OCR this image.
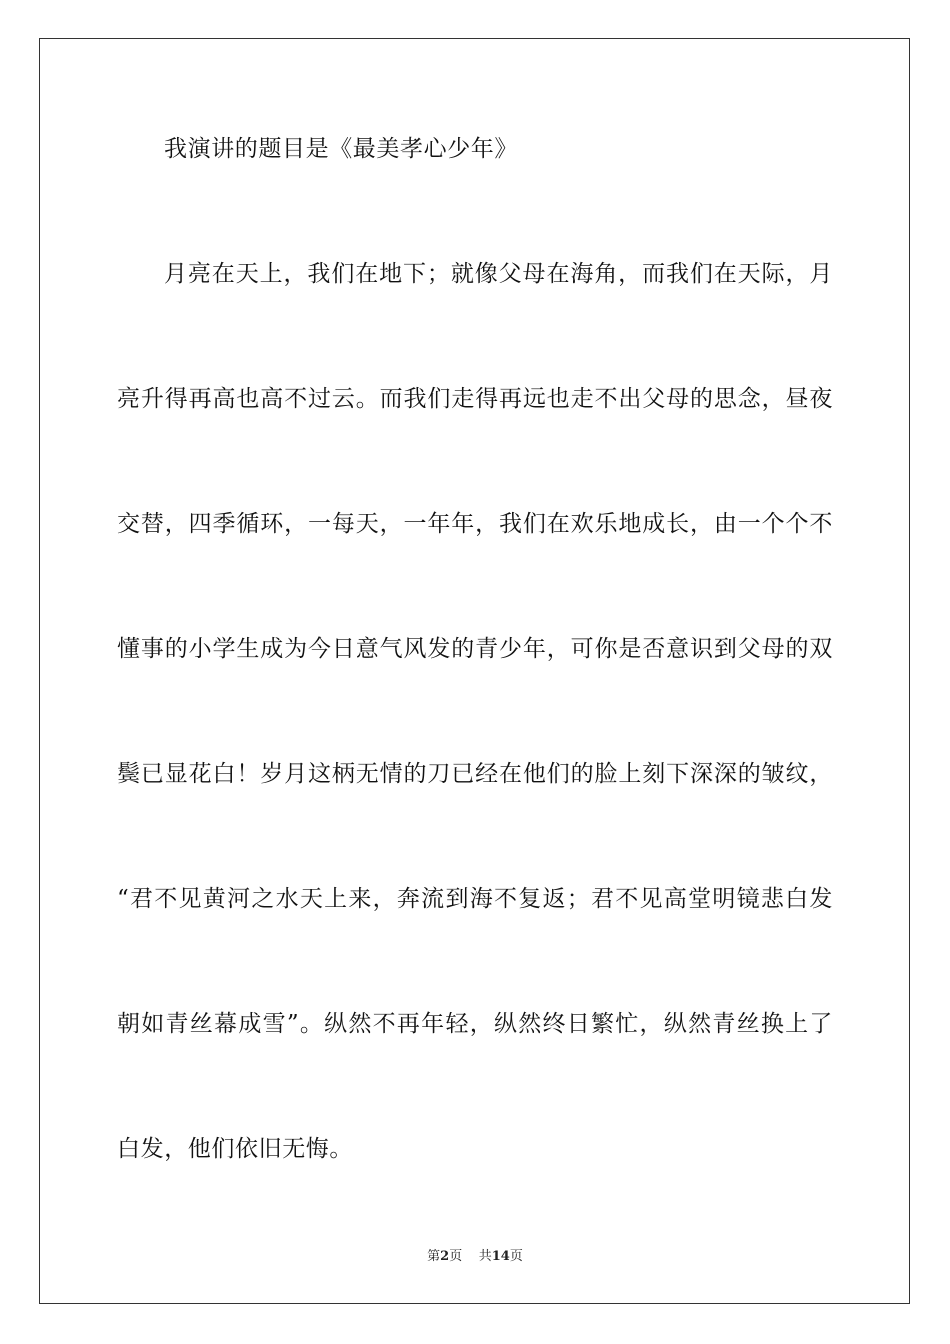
我演讲的题目是《最美孝心少年》
月亮在天上，我们在地下；就像父母在海角，而我们在天际，月
亮升得再高也高不过云。而我们走得再远也走不出父母的思念，昼夜
交替，四季循环，一每天，一年年，我们在欢乐地成长，由一个个不
懂事的小学生成为今日意气风发的青少年，可你是否意识到父母的双
鬓已显花白！岁月这柄无情的刀已经在他们的脸上刻下深深的皱纹，
“君不见黄河之水天上来，奔流到海不复返；君不见高堂明镜悲白发
朝如青丝幕成雪”。纵然不再年轻，纵然终日繁忙，纵然青丝换上了
白发，他们依旧无悔。
第2页 共14页
